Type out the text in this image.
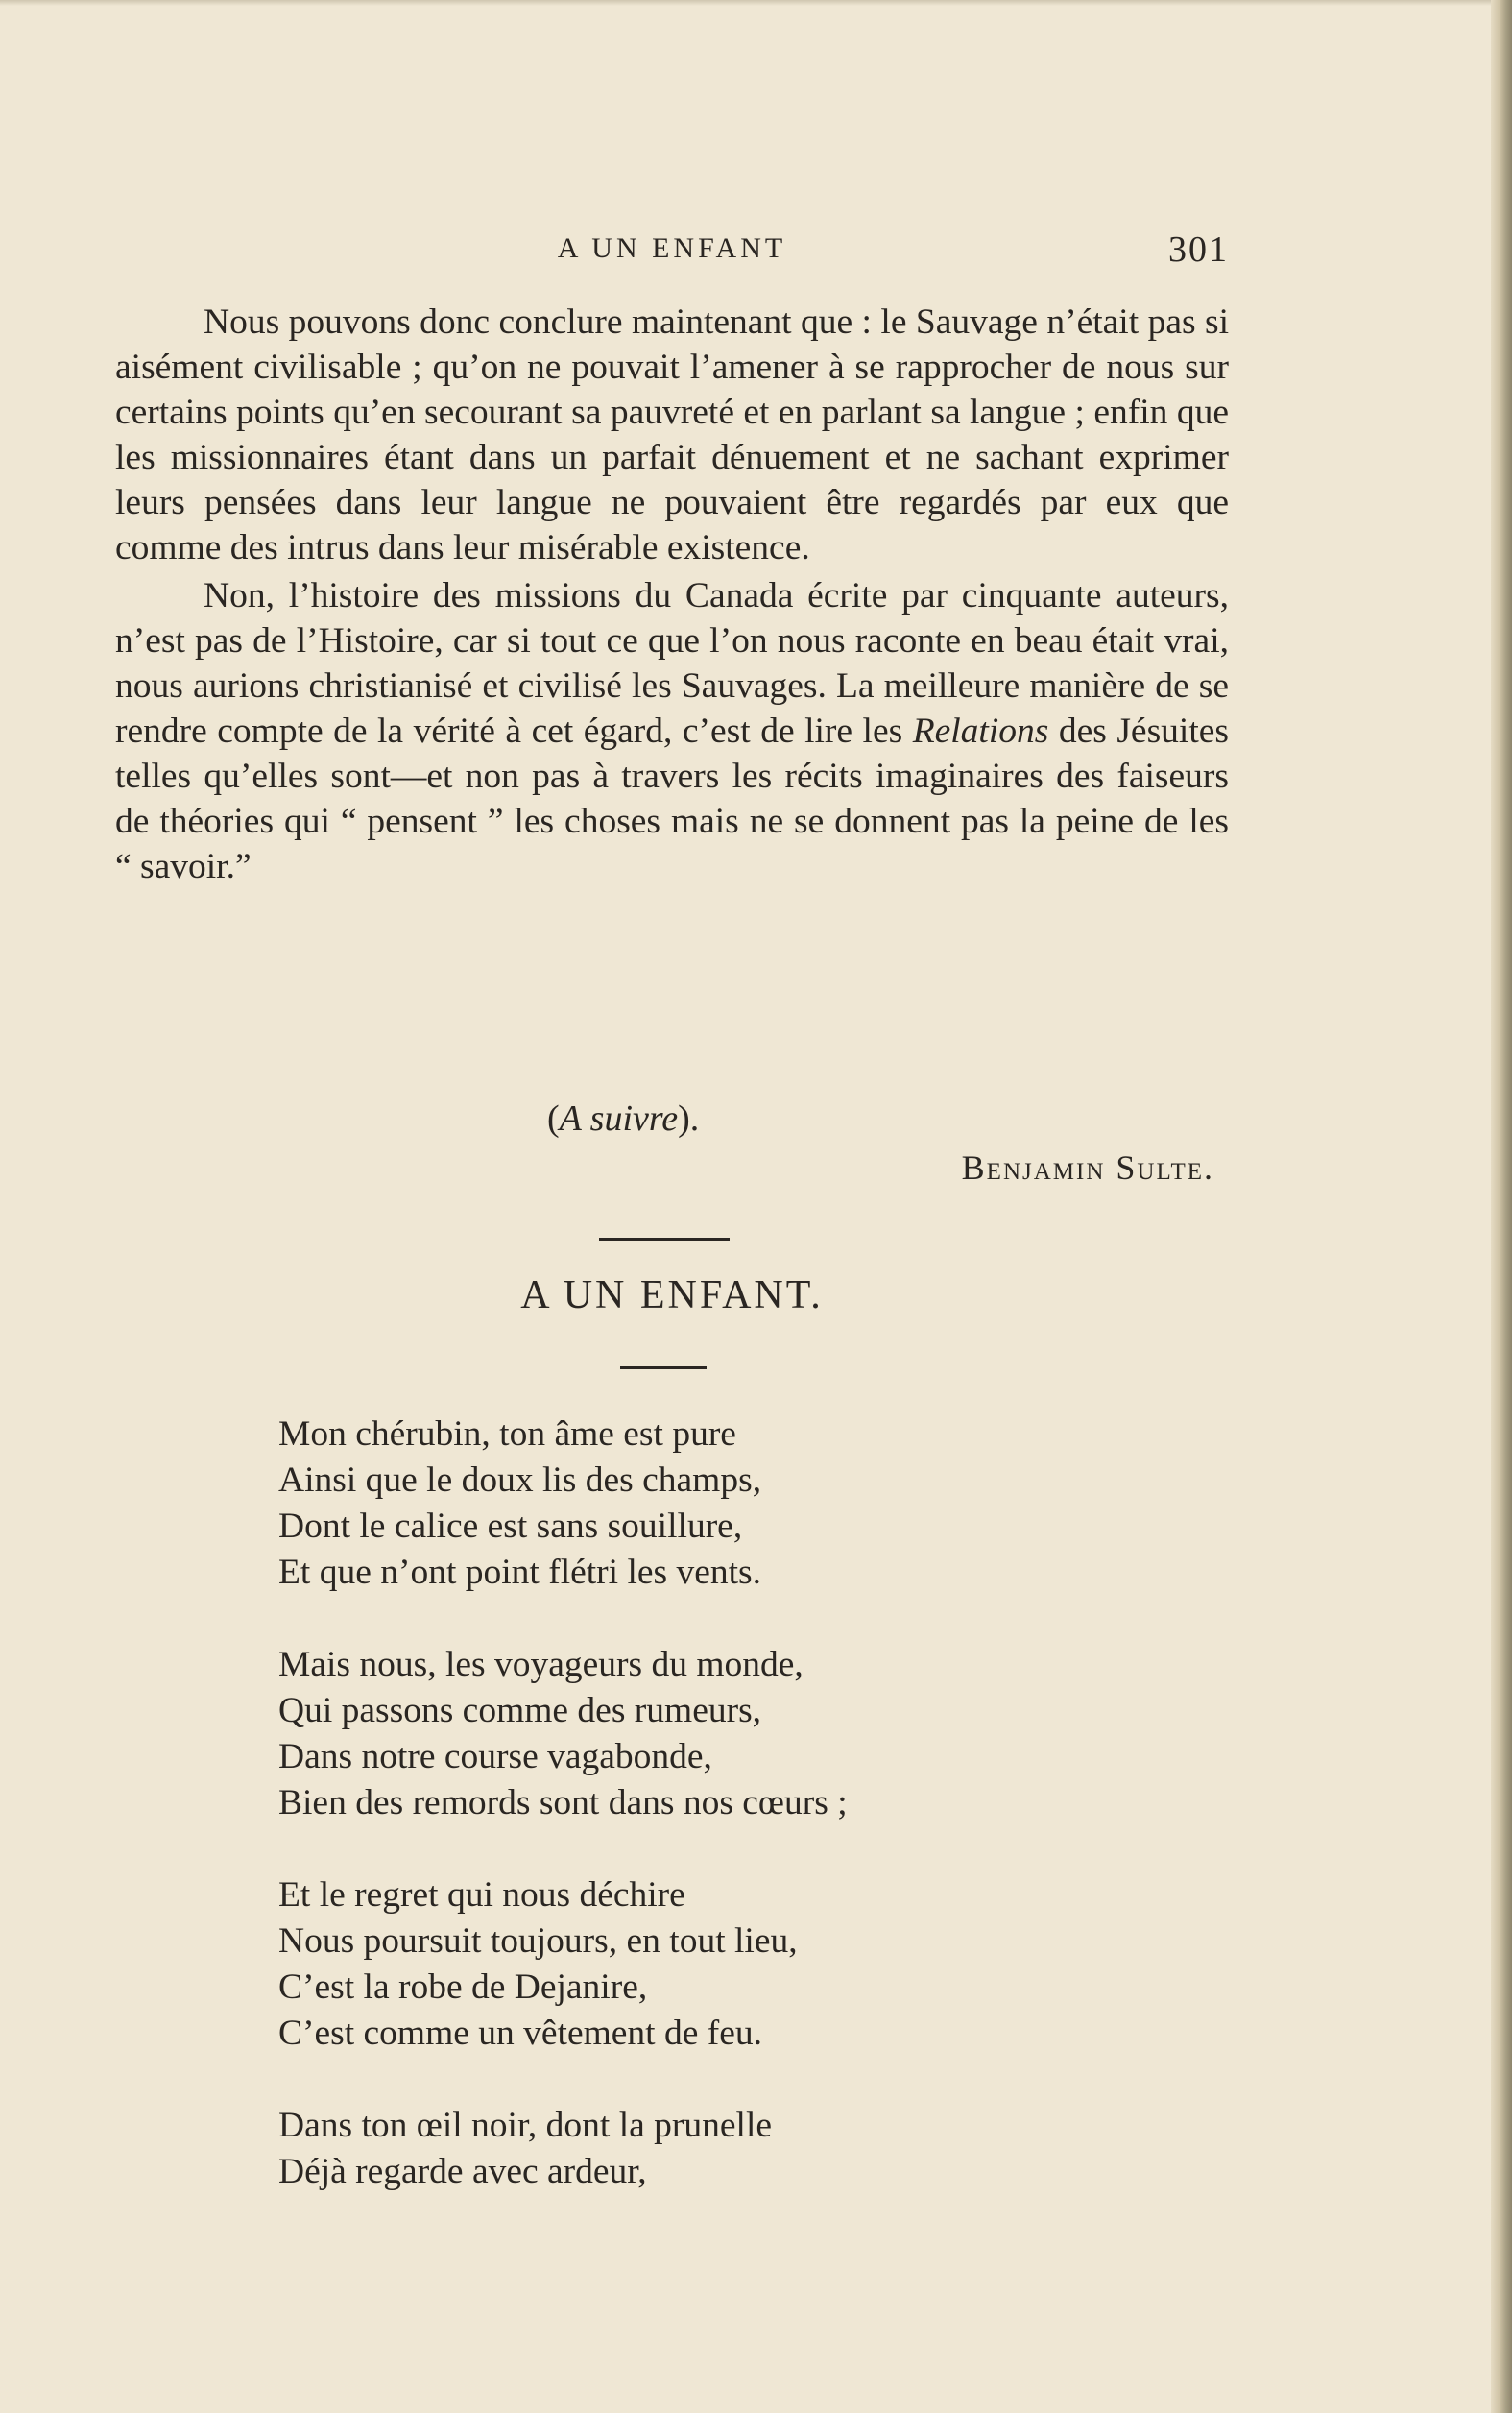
A UN ENFANT	301

Nous pouvons donc conclure maintenant que : le Sauvage n’était pas si aisément civilisable ; qu’on ne pouvait l’amener à se rapprocher de nous sur certains points qu’en secourant sa pauvreté et en parlant sa langue ; enfin que les missionnaires étant dans un parfait dénuement et ne sachant exprimer leurs pensées dans leur langue ne pouvaient être regardés par eux que comme des intrus dans leur misérable existence.

Non, l’histoire des missions du Canada écrite par cinquante auteurs, n’est pas de l’Histoire, car si tout ce que l’on nous raconte en beau était vrai, nous aurions christianisé et civilisé les Sauvages. La meilleure manière de se rendre compte de la vérité à cet égard, c’est de lire les Relations des Jésuites telles qu’elles sont—et non pas à travers les récits imaginaires des faiseurs de théories qui “ pensent ” les choses mais ne se donnent pas la peine de les “ savoir.”

(A suivre).
Benjamin Sulte.
A UN ENFANT.
Mon chérubin, ton âme est pure
Ainsi que le doux lis des champs,
Dont le calice est sans souillure,
Et que n’ont point flétri les vents.
Mais nous, les voyageurs du monde,
Qui passons comme des rumeurs,
Dans notre course vagabonde,
Bien des remords sont dans nos cœurs ;
Et le regret qui nous déchire
Nous poursuit toujours, en tout lieu,
C’est la robe de Dejanire,
C’est comme un vêtement de feu.
Dans ton œil noir, dont la prunelle
Déjà regarde avec ardeur,
